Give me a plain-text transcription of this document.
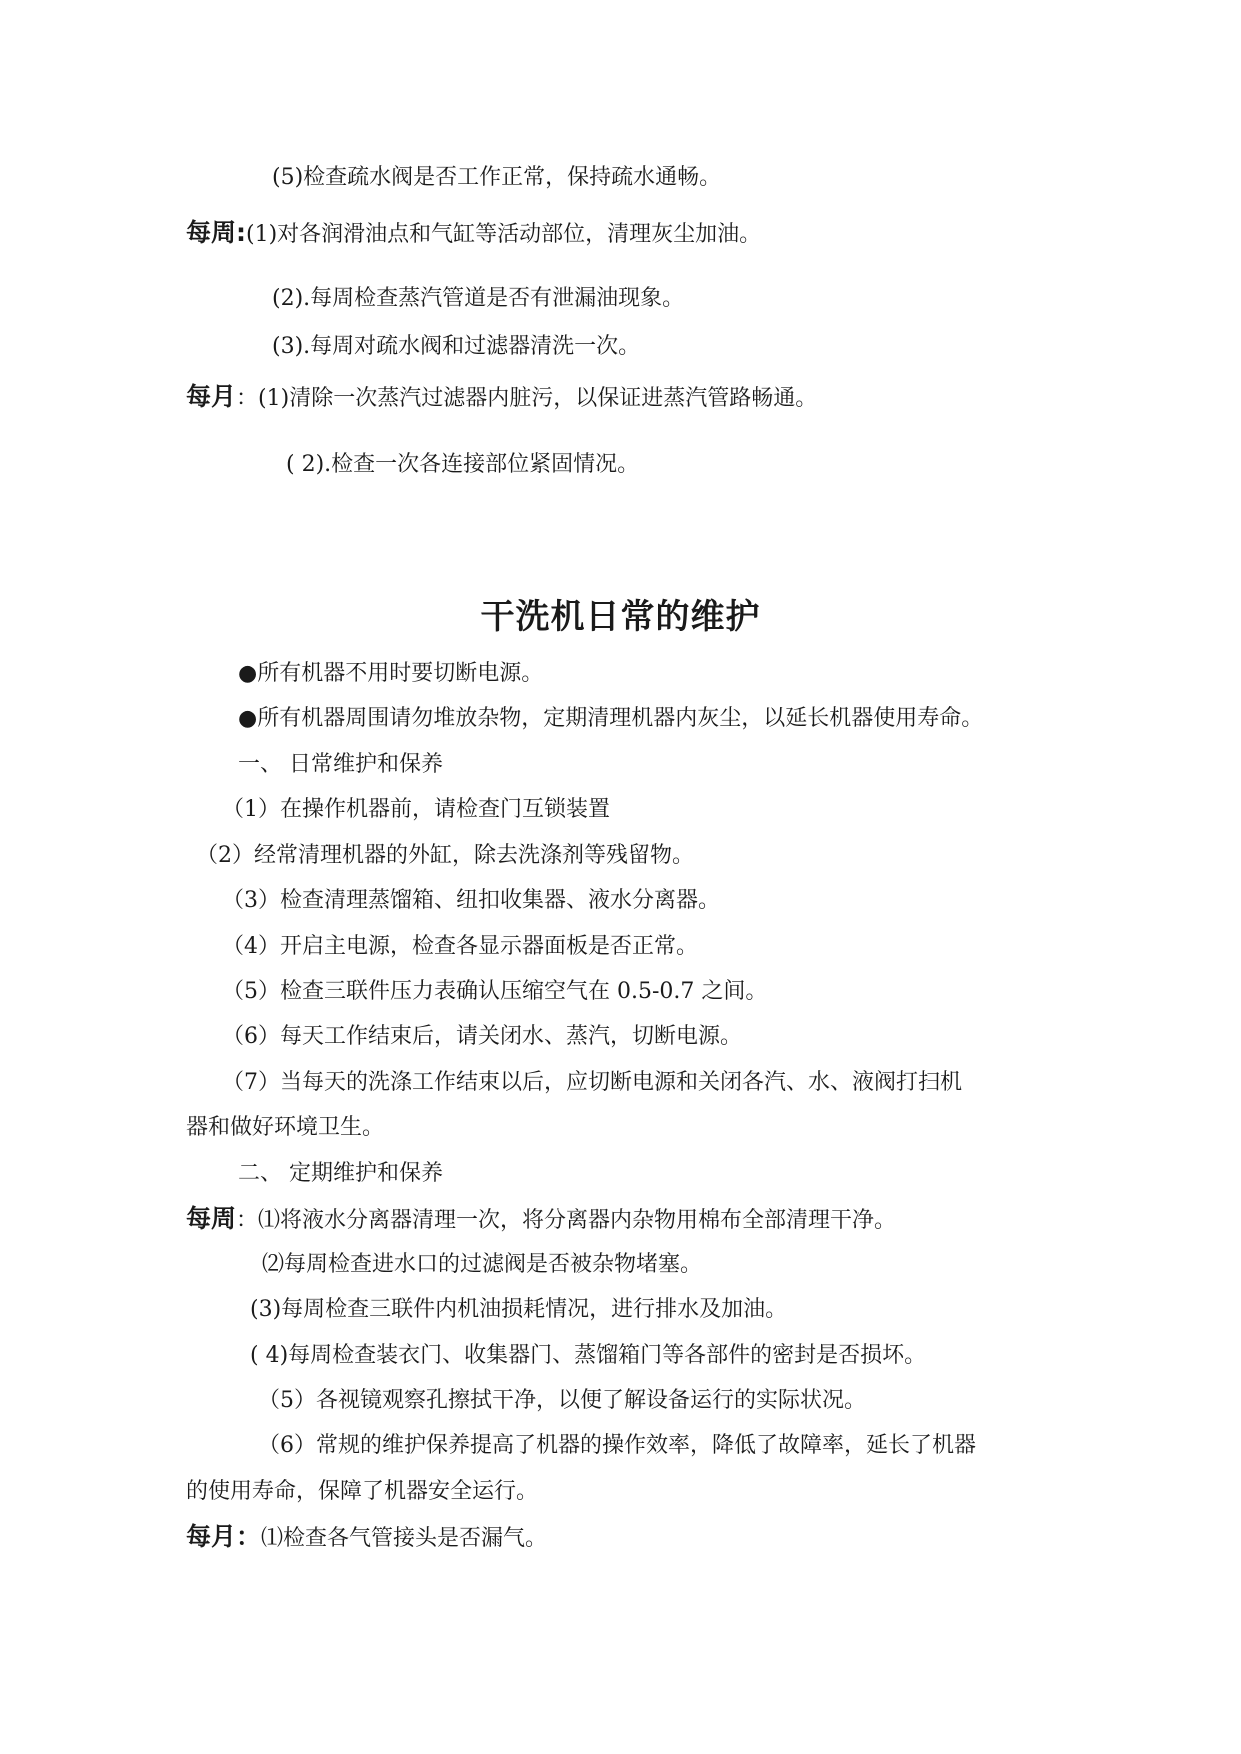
(5)检查疏水阀是否工作正常，保持疏水通畅。
每周:(1)对各润滑油点和气缸等活动部位，清理灰尘加油。
(2).每周检查蒸汽管道是否有泄漏油现象。
(3).每周对疏水阀和过滤器清洗一次。
每月：(1)清除一次蒸汽过滤器内脏污，以保证进蒸汽管路畅通。
( 2).检查一次各连接部位紧固情况。
干洗机日常的维护
●所有机器不用时要切断电源。
●所有机器周围请勿堆放杂物，定期清理机器内灰尘，以延长机器使用寿命。
一、 日常维护和保养
（1）在操作机器前，请检查门互锁装置
（2）经常清理机器的外缸，除去洗涤剂等残留物。
（3）检查清理蒸馏箱、纽扣收集器、液水分离器。
（4）开启主电源，检查各显示器面板是否正常。
（5）检查三联件压力表确认压缩空气在 0.5-0.7 之间。
（6）每天工作结束后，请关闭水、蒸汽，切断电源。
（7）当每天的洗涤工作结束以后，应切断电源和关闭各汽、水、液阀打扫机
器和做好环境卫生。
二、 定期维护和保养
每周：⑴将液水分离器清理一次，将分离器内杂物用棉布全部清理干净。
⑵每周检查进水口的过滤阀是否被杂物堵塞。
(3)每周检查三联件内机油损耗情况，进行排水及加油。
( 4)每周检查装衣门、收集器门、蒸馏箱门等各部件的密封是否损坏。
（5）各视镜观察孔擦拭干净，以便了解设备运行的实际状况。
（6）常规的维护保养提高了机器的操作效率，降低了故障率，延长了机器
的使用寿命，保障了机器安全运行。
每月：⑴检查各气管接头是否漏气。
